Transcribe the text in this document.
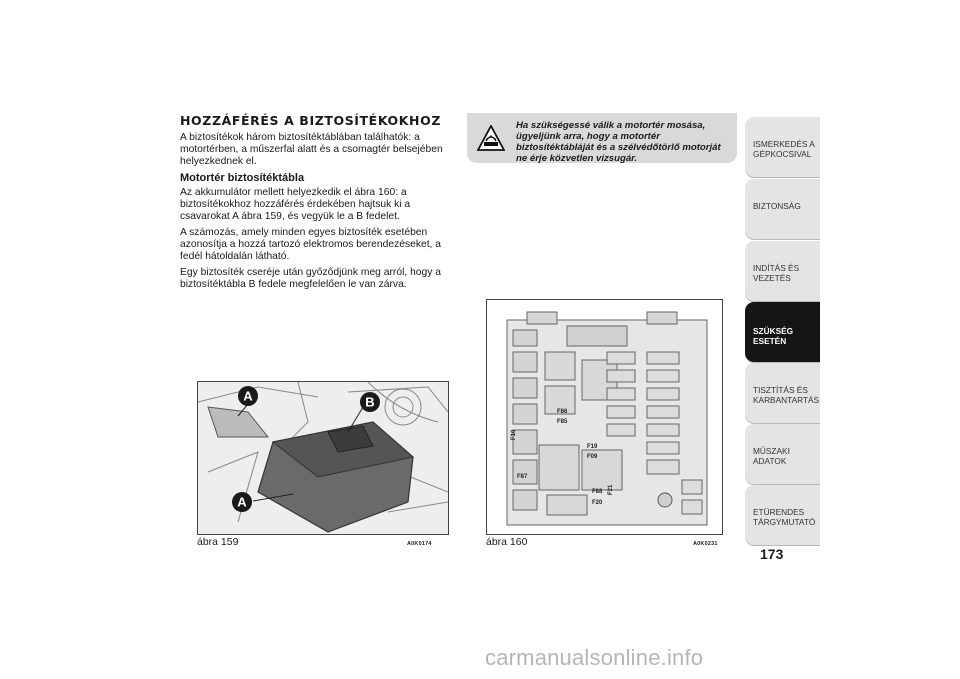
HOZZÁFÉRÉS A BIZTOSÍTÉKOKHOZ
A biztosítékok három biztosítéktáblában találhatók: a motortérben, a műszerfal alatt és a csomagtér belsejében helyezkednek el.
Motortér biztosítéktábla
Az akkumulátor mellett helyezkedik el ábra 160: a biztosítékokhoz hozzáférés érdekében hajtsuk ki a csavarokat A ábra 159, és vegyük le a B fedelet.
A számozás, amely minden egyes biztosíték esetében azonosítja a hozzá tartozó elektromos berendezéseket, a fedél hátoldalán látható.
Egy biztosíték cseréje után győződjünk meg arról, hogy a biztosítéktábla B fedele megfelelően le van zárva.
Ha szükségessé válik a motortér mosása, ügyeljünk arra, hogy a motortér biztosítéktábláját és a szélvédőtörlő motorját ne érje közvetlen vízsugár.
A	B
A
ábra 159	A0K0174
F86
F85
F10
F19
F09
F87
F88
F20
F21
ábra 160	A0K0231
ISMERKEDÉS A GÉPKOCSIVAL
BIZTONSÁG
INDÍTÁS ÉS VEZETÉS
SZÜKSÉG ESETÉN
TISZTÍTÁS ÉS KARBANTARTÁS
MŰSZAKI ADATOK
ETÜRENDES TÁRGYMUTATÓ
173
carmanualsonline.info
